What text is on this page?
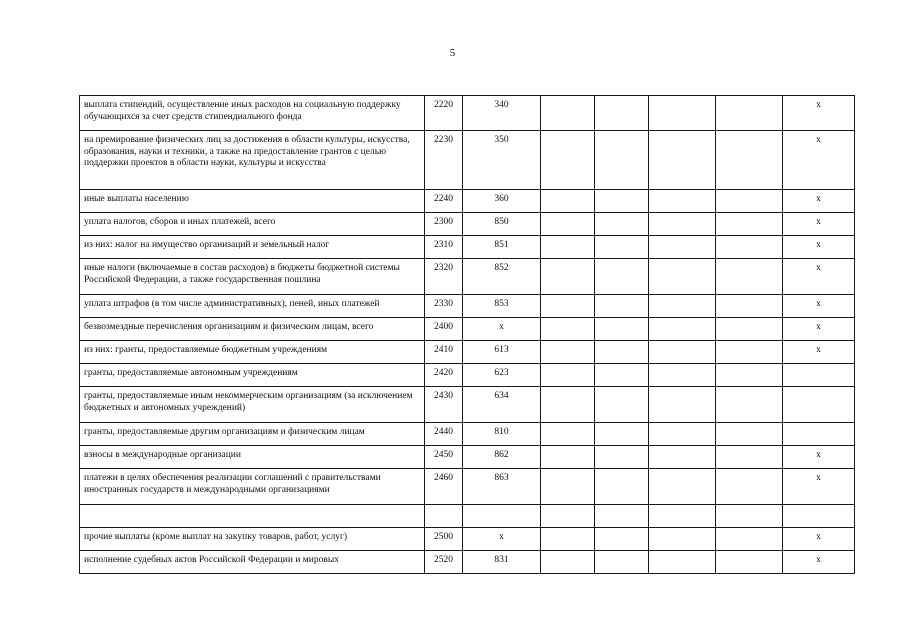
5
выплата стипендий, осуществление иных расходов на социальную поддержку обучающихся за счет средств стипендиального фонда	2220	340					х
на премирование физических лиц за достижения в области культуры, искусства, образования, науки и техники, а также на предоставление грантов с целью поддержки проектов в области науки, культуры и искусства	2230	350					х
иные выплаты населению	2240	360					х
уплата налогов, сборов и иных платежей, всего	2300	850					х
из них: налог на имущество организаций и земельный налог	2310	851					х
иные налоги (включаемые в состав расходов) в бюджеты бюджетной системы Российской Федерации, а также государственная пошлина	2320	852					х
уплата штрафов (в том числе административных), пеней, иных платежей	2330	853					х
безвозмездные перечисления организациям и физическим лицам, всего	2400	х					х
из них: гранты, предоставляемые бюджетным учреждениям	2410	613					х
гранты, предоставляемые автономным учреждениям	2420	623					
гранты, предоставляемые иным некоммерческим организациям (за исключением бюджетных и автономных учреждений)	2430	634					
гранты, предоставляемые другим организациям и физическим лицам	2440	810					
взносы в международные организации	2450	862					х
платежи в целях обеспечения реализации соглашений с правительствами иностранных государств и международными организациями	2460	863					х

прочие выплаты (кроме выплат на закупку товаров, работ, услуг)	2500	х					х
исполнение судебных актов Российской Федерации и мировых	2520	831					х
